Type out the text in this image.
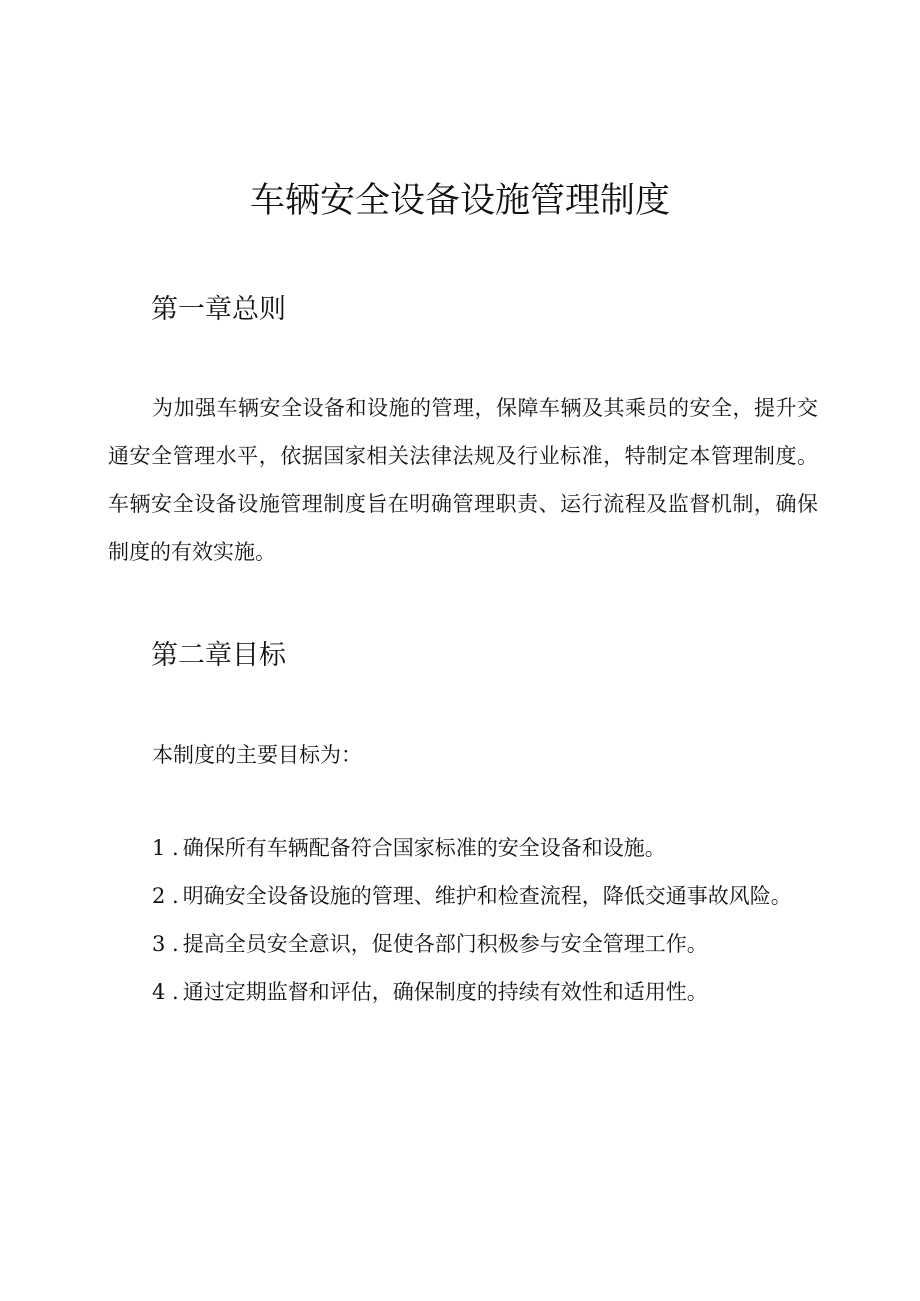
车辆安全设备设施管理制度
第一章总则

为加强车辆安全设备和设施的管理，保障车辆及其乘员的安全，提升交通安全管理水平，依据国家相关法律法规及行业标准，特制定本管理制度。车辆安全设备设施管理制度旨在明确管理职责、运行流程及监督机制，确保制度的有效实施。

第二章目标

本制度的主要目标为：

1 . 确保所有车辆配备符合国家标准的安全设备和设施。
2 . 明确安全设备设施的管理、维护和检查流程，降低交通事故风险。
3 . 提高全员安全意识，促使各部门积极参与安全管理工作。
4 . 通过定期监督和评估，确保制度的持续有效性和适用性。
